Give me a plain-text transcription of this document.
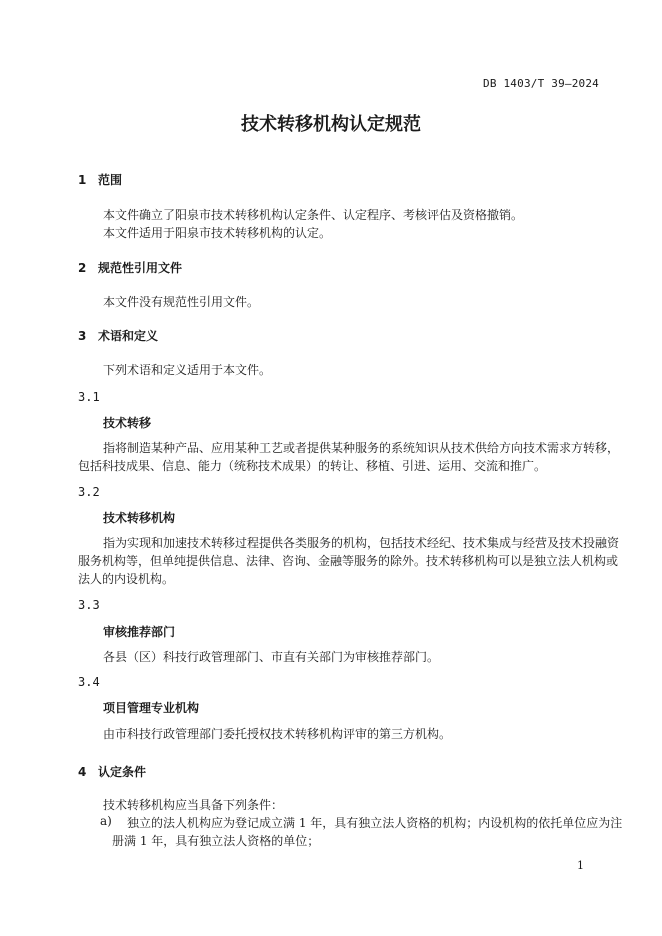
DB 1403/T 39—2024
技术转移机构认定规范
1 范围
本文件确立了阳泉市技术转移机构认定条件、认定程序、考核评估及资格撤销。
本文件适用于阳泉市技术转移机构的认定。
2 规范性引用文件
本文件没有规范性引用文件。
3 术语和定义
下列术语和定义适用于本文件。
3.1
技术转移
指将制造某种产品、应用某种工艺或者提供某种服务的系统知识从技术供给方向技术需求方转移，
包括科技成果、信息、能力（统称技术成果）的转让、移植、引进、运用、交流和推广。
3.2
技术转移机构
指为实现和加速技术转移过程提供各类服务的机构，包括技术经纪、技术集成与经营及技术投融资
服务机构等，但单纯提供信息、法律、咨询、金融等服务的除外。技术转移机构可以是独立法人机构或
法人的内设机构。
3.3
审核推荐部门
各县（区）科技行政管理部门、市直有关部门为审核推荐部门。
3.4
项目管理专业机构
由市科技行政管理部门委托授权技术转移机构评审的第三方机构。
4 认定条件
技术转移机构应当具备下列条件：
a) 独立的法人机构应为登记成立满 1 年，具有独立法人资格的机构；内设机构的依托单位应为注
册满 1 年，具有独立法人资格的单位；
1
